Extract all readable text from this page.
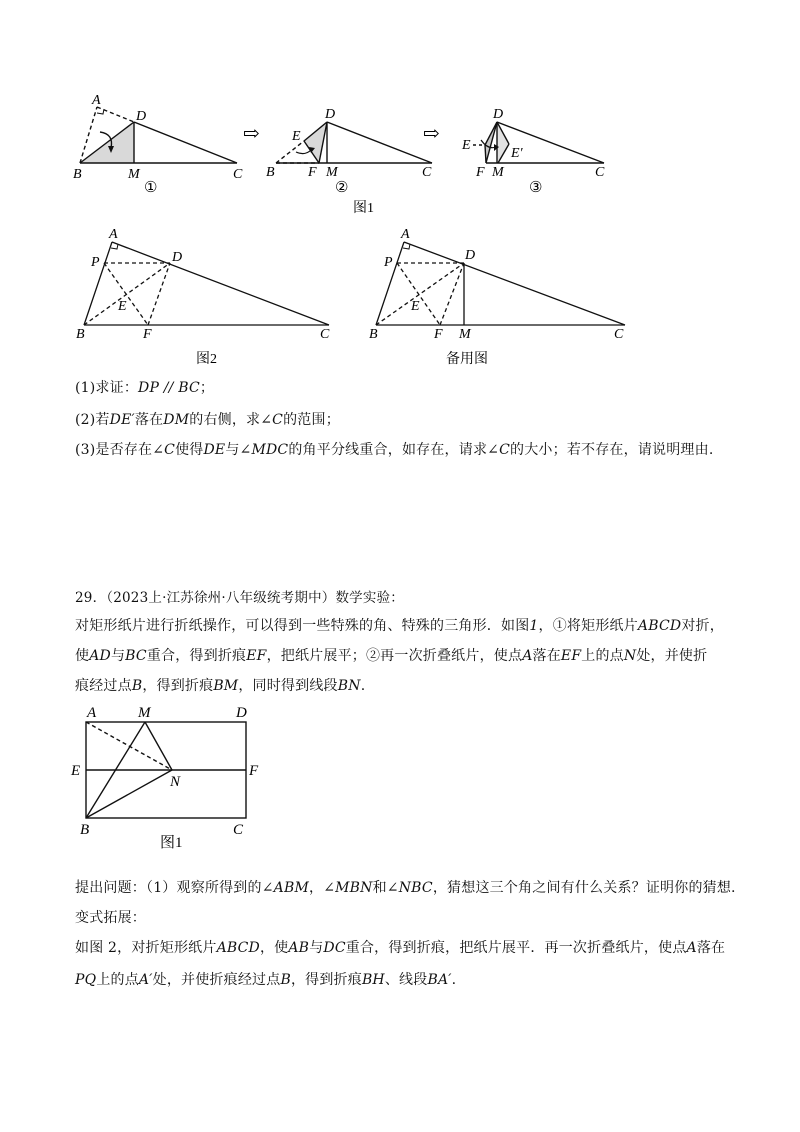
A
D
B	M	C
①
⇨
D
E
B F M	C
②
⇨
D
E
E′
F M	C
③
图1
A
P	D
E
B	F	C
图2
A
P	D
E
B	F M	C
备用图
(1)求证：DP // BC；
(2)若DE′落在DM的右侧，求∠C的范围；
(3)是否存在∠C使得DE与∠MDC的角平分线重合，如存在，请求∠C的大小；若不存在，请说明理由.
29．（2023上·江苏徐州·八年级统考期中）数学实验：
对矩形纸片进行折纸操作，可以得到一些特殊的角、特殊的三角形．如图1，①将矩形纸片ABCD对折，
使AD与BC重合，得到折痕EF，把纸片展平；②再一次折叠纸片，使点A落在EF上的点N处，并使折
痕经过点B，得到折痕BM，同时得到线段BN.
A	M	D
E
N
F
B	C
图1
提出问题：（1）观察所得到的∠ABM，∠MBN和∠NBC，猜想这三个角之间有什么关系？证明你的猜想.
变式拓展：
如图 2，对折矩形纸片ABCD，使AB与DC重合，得到折痕，把纸片展平．再一次折叠纸片，使点A落在
PQ上的点A′处，并使折痕经过点B，得到折痕BH、线段BA′.
